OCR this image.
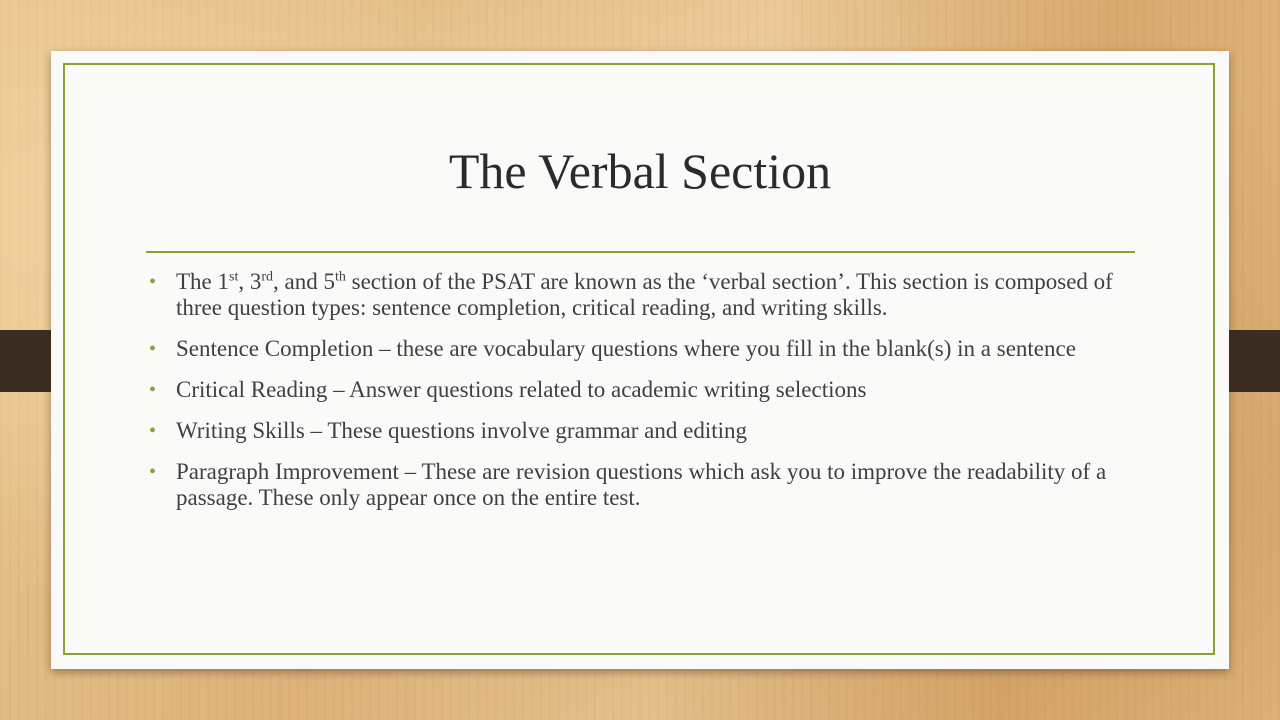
The Verbal Section
• The 1st, 3rd, and 5th section of the PSAT are known as the ‘verbal section’. This section is composed of three question types: sentence completion, critical reading, and writing skills.
• Sentence Completion – these are vocabulary questions where you fill in the blank(s) in a sentence
• Critical Reading – Answer questions related to academic writing selections
• Writing Skills – These questions involve grammar and editing
• Paragraph Improvement – These are revision questions which ask you to improve the readability of a passage. These only appear once on the entire test.
